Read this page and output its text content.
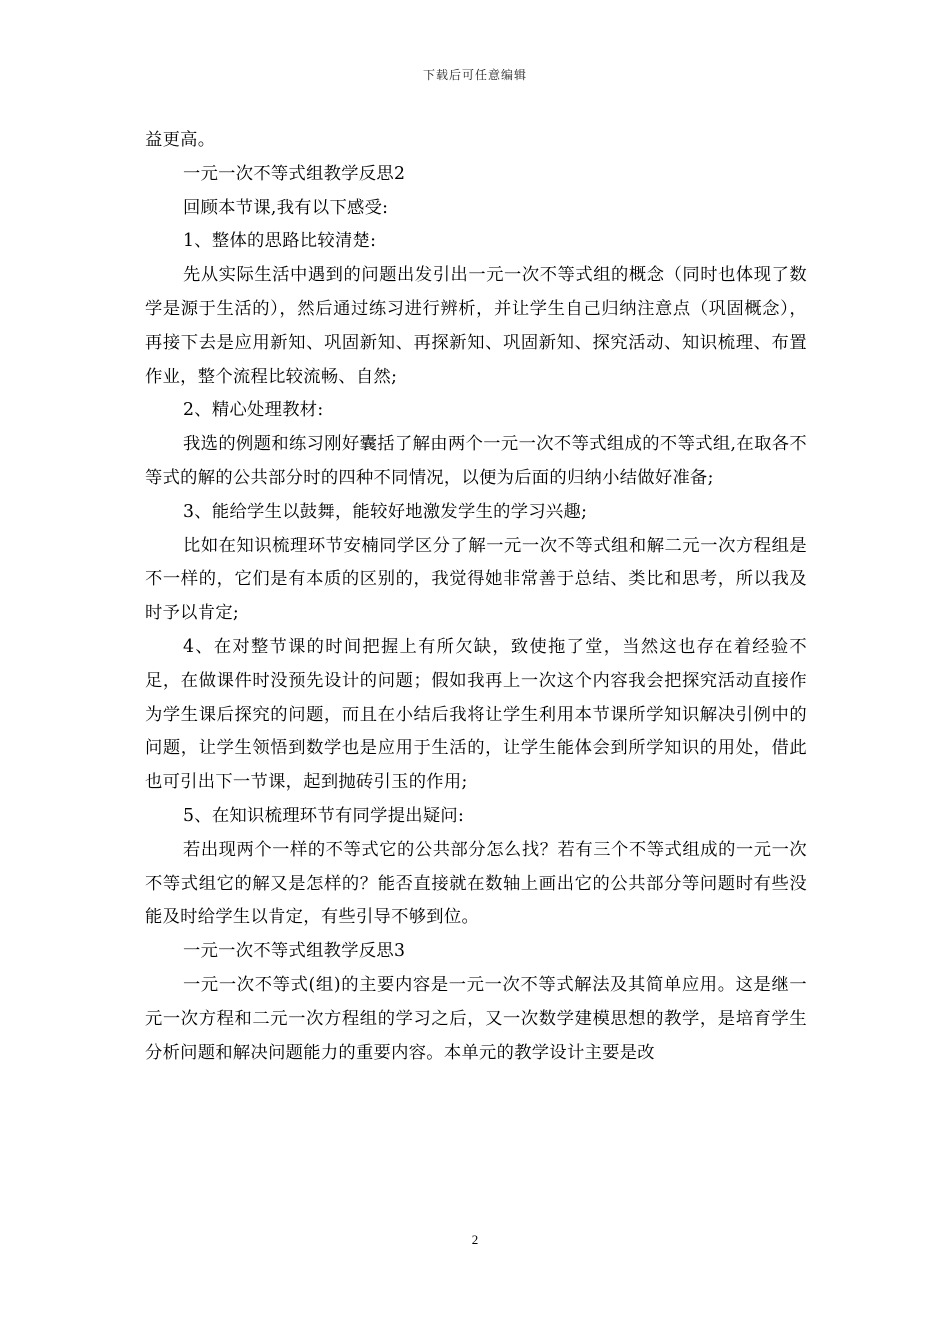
下载后可任意编辑

益更高。

一元一次不等式组教学反思2

回顾本节课,我有以下感受:

1、整体的思路比较清楚:

先从实际生活中遇到的问题出发引出一元一次不等式组的概念（同时也体现了数学是源于生活的），然后通过练习进行辨析，并让学生自己归纳注意点（巩固概念），再接下去是应用新知、巩固新知、再探新知、巩固新知、探究活动、知识梳理、布置作业，整个流程比较流畅、自然;

2、精心处理教材:

我选的例题和练习刚好囊括了解由两个一元一次不等式组成的不等式组,在取各不等式的解的公共部分时的四种不同情况，以便为后面的归纳小结做好准备;

3、能给学生以鼓舞，能较好地激发学生的学习兴趣;

比如在知识梳理环节安楠同学区分了解一元一次不等式组和解二元一次方程组是不一样的，它们是有本质的区别的，我觉得她非常善于总结、类比和思考，所以我及时予以肯定;

4、在对整节课的时间把握上有所欠缺，致使拖了堂，当然这也存在着经验不足，在做课件时没预先设计的问题；假如我再上一次这个内容我会把探究活动直接作为学生课后探究的问题，而且在小结后我将让学生利用本节课所学知识解决引例中的问题，让学生领悟到数学也是应用于生活的，让学生能体会到所学知识的用处，借此也可引出下一节课，起到抛砖引玉的作用;

5、在知识梳理环节有同学提出疑问:

若出现两个一样的不等式它的公共部分怎么找？若有三个不等式组成的一元一次不等式组它的解又是怎样的？能否直接就在数轴上画出它的公共部分等问题时有些没能及时给学生以肯定，有些引导不够到位。

一元一次不等式组教学反思3

一元一次不等式(组)的主要内容是一元一次不等式解法及其简单应用。这是继一元一次方程和二元一次方程组的学习之后，又一次数学建模思想的教学，是培育学生分析问题和解决问题能力的重要内容。本单元的教学设计主要是改

2
